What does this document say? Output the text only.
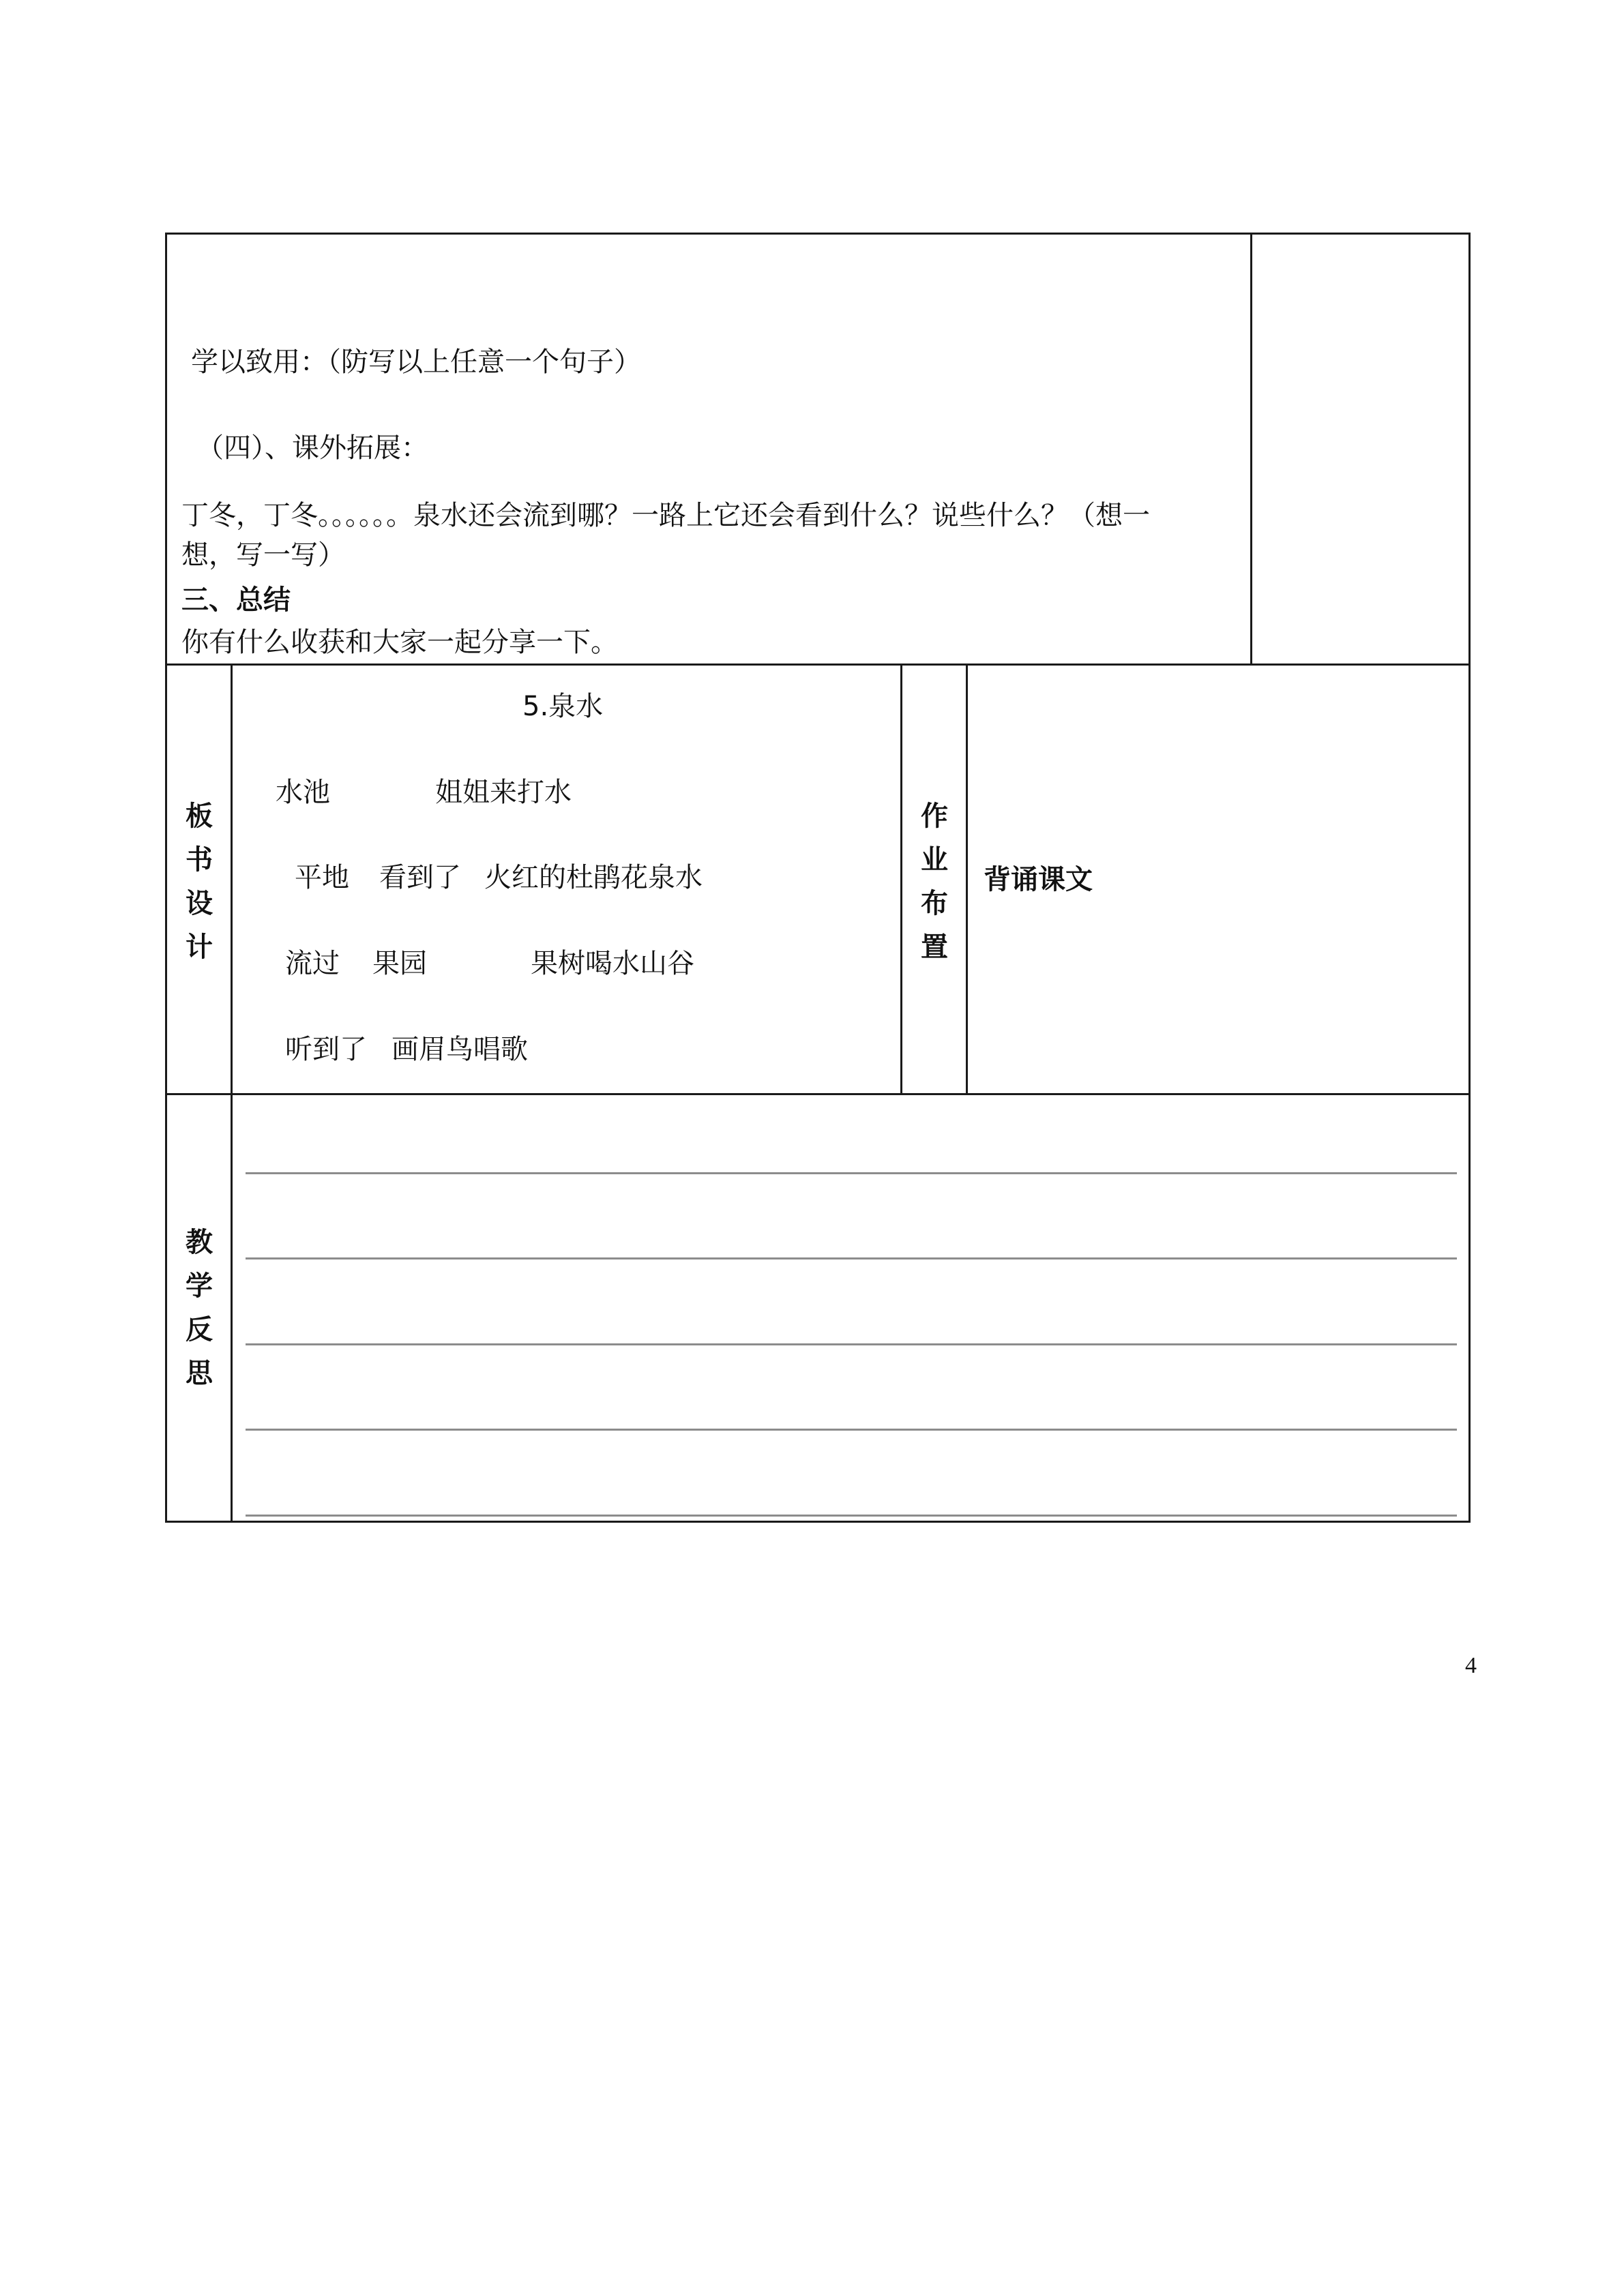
学以致用：（防写以上任意一个句子）
（四）、课外拓展：
丁冬，丁冬。。。。。。泉水还会流到哪？一路上它还会看到什么？说些什么？（想一
想，写一写）
三、总结
你有什么收获和大家一起分享一下。
板
书
设
计
5.泉水
水池	姐姐来打水
平地 看到了 火红的杜鹃花泉水
流过 果园	果树喝水山谷
听到了 画眉鸟唱歌
作
业
布
置
背诵课文
教
学
反
思
4
